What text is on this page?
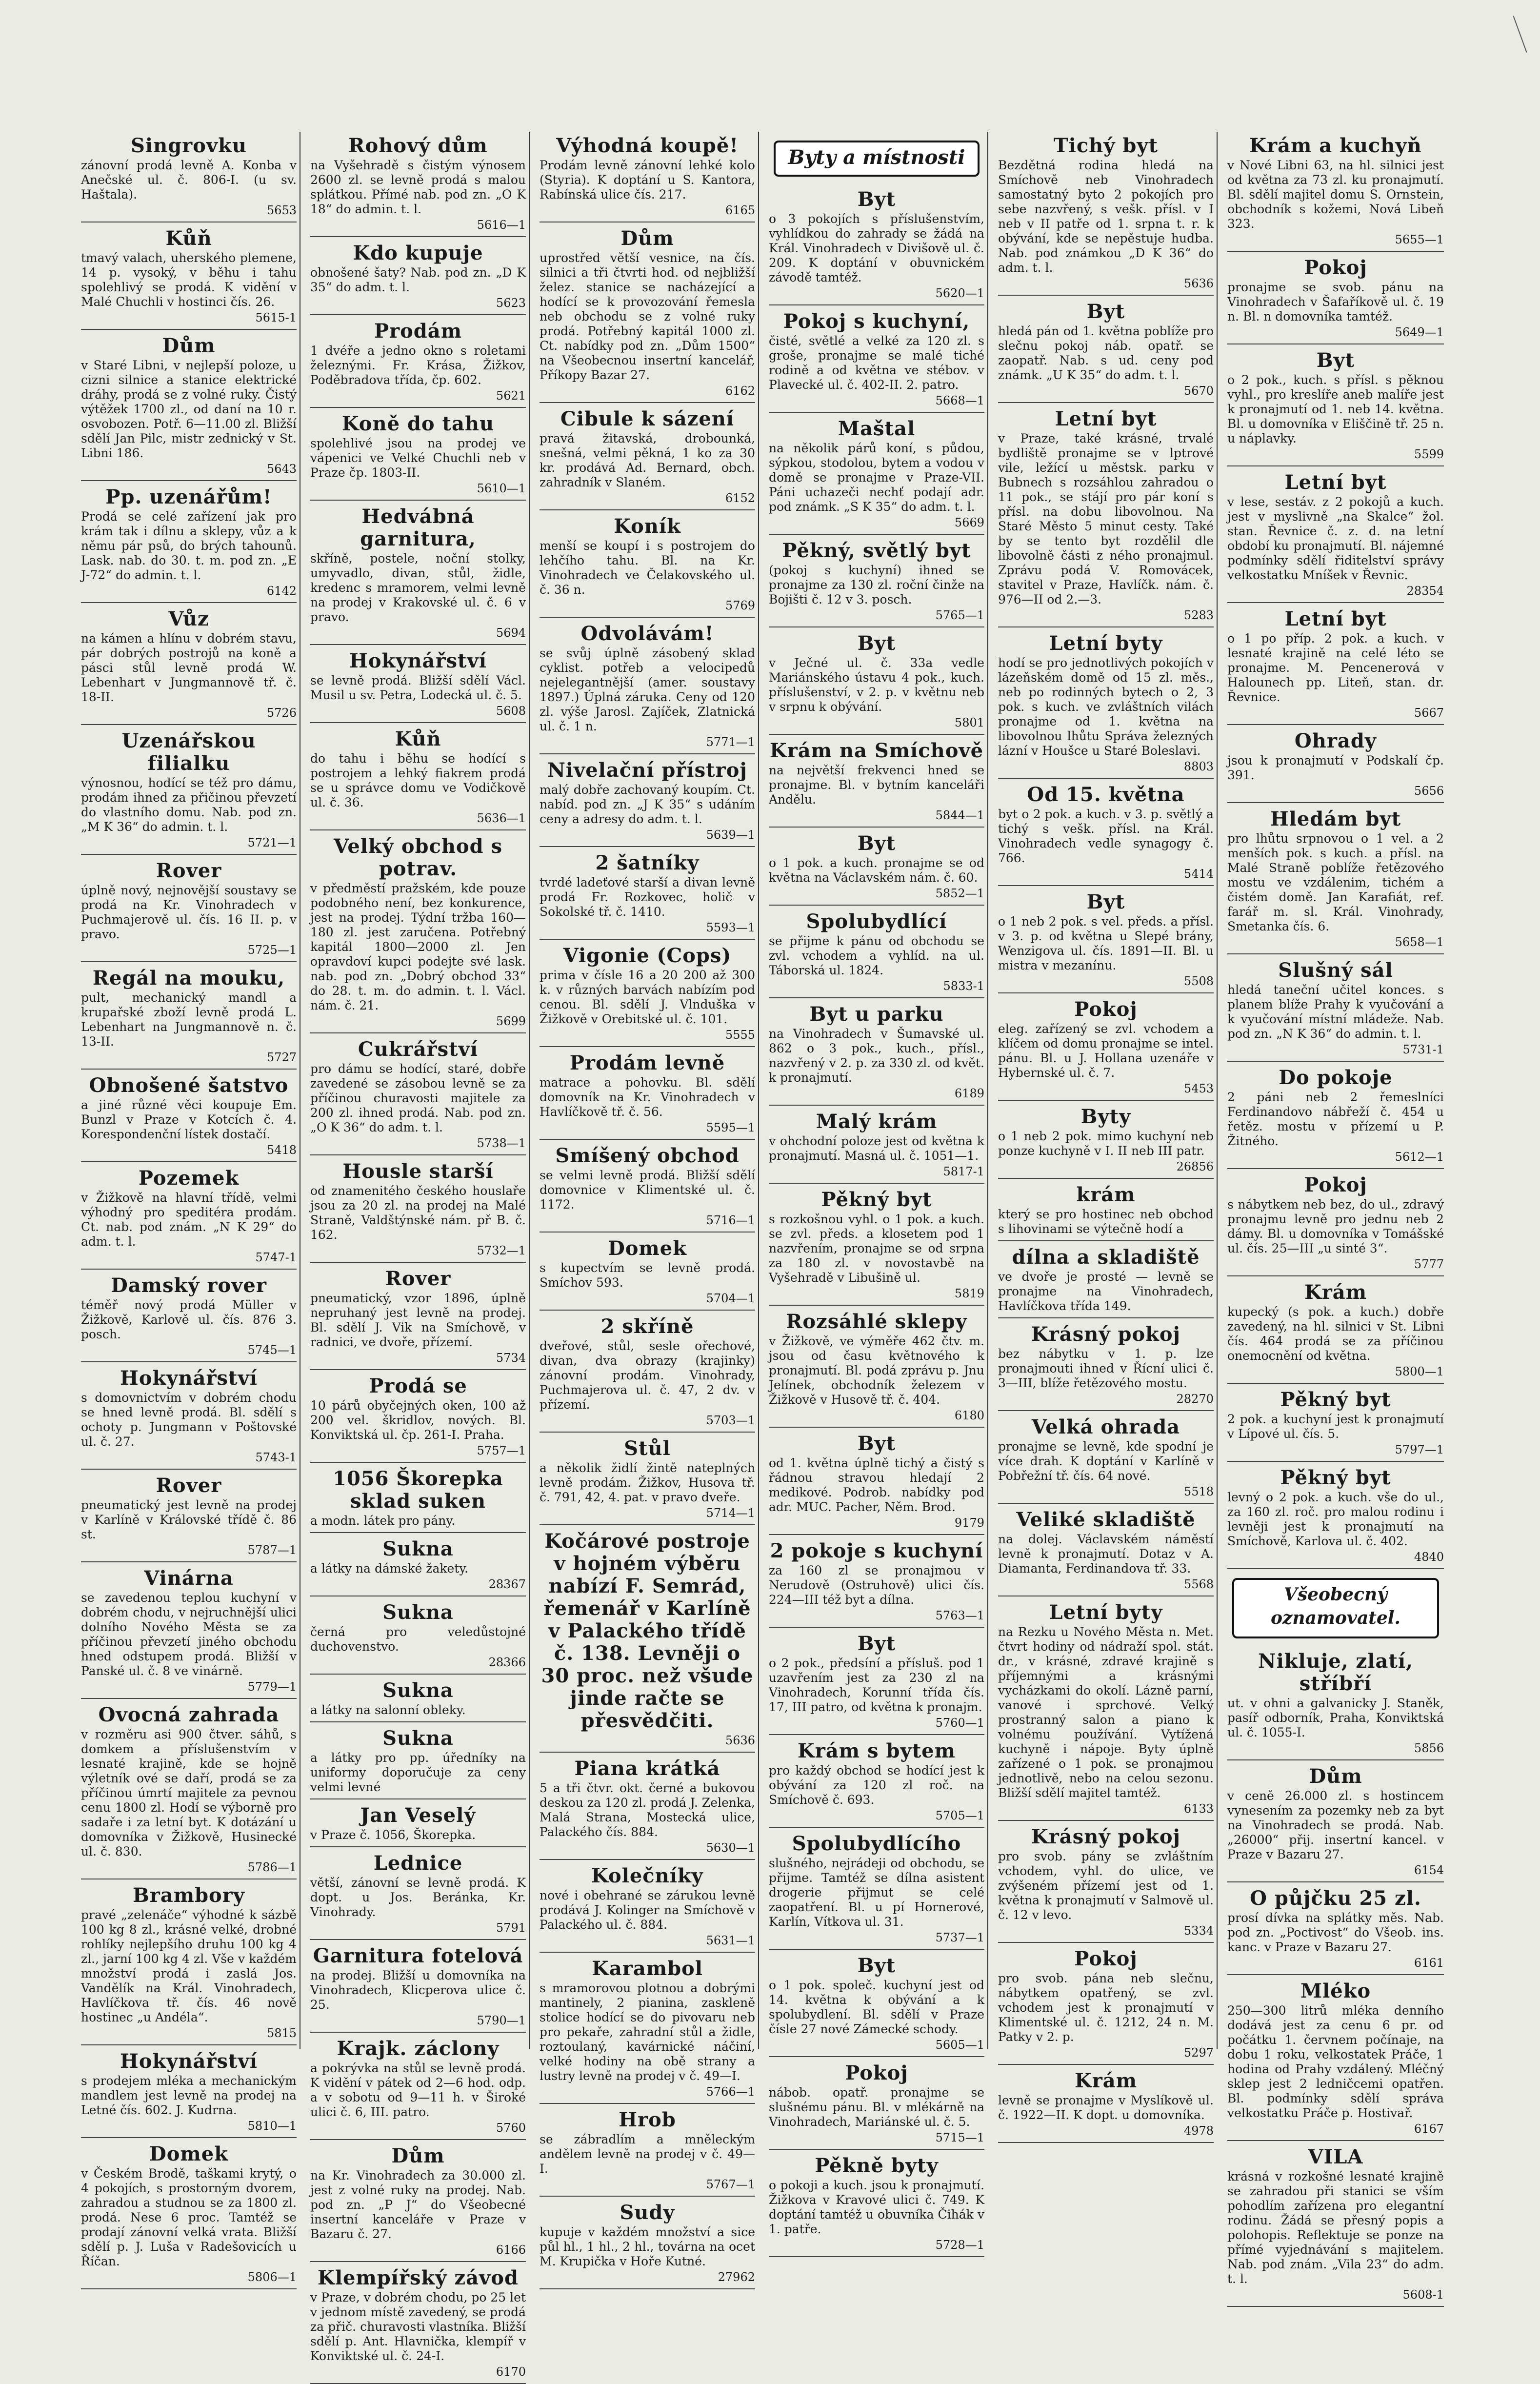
Singrovku

zánovní prodá levně A. Konba v Anečské ul. č. 806-I. (u sv. Haštala).

5653

Kůň

tmavý valach, uherského plemene, 14 p. vysoký, v běhu i tahu spolehlivý se prodá. K vidění v Malé Chuchli v hostinci čís. 26.

5615-1

Dům

v Staré Libni, v nejlepší poloze, u cizni silnice a stanice elektrické dráhy, prodá se z volné ruky. Čistý výtěžek 1700 zl., od daní na 10 r. osvobozen. Potř. 6—11.00 zl. Bližší sdělí Jan Pilc, mistr zednický v St. Libni 186.

5643

Pp. uzenářům!

Prodá se celé zařízení jak pro krám tak i dílnu a sklepy, vůz a k němu pár psů, do brých tahounů. Lask. nab. do 30. t. m. pod zn. „E J-72“ do admin. t. l.

6142

Vůz

na kámen a hlínu v dobrém stavu, pár dobrých postrojů na koně a pásci stůl levně prodá W. Lebenhart v Jungmannově tř. č. 18-II.

5726

Uzenářskou filialku

výnosnou, hodící se též pro dámu, prodám ihned za přičinou převzetí do vlastního domu. Nab. pod zn. „M K 36“ do admin. t. l.

5721—1

Rover

úplně nový, nejnovější soustavy se prodá na Kr. Vinohradech v Puchmajerově ul. čís. 16 II. p. v pravo.

5725—1

Regál na mouku,

pult, mechanický mandl a krupařské zboží levně prodá L. Lebenhart na Jungmannově n. č. 13-II.

5727

Obnošené šatstvo

a jiné různé věci koupuje Em. Bunzl v Praze v Kotcích č. 4. Korespondenční lístek dostačí.

5418

Pozemek

v Žižkově na hlavní třídě, velmi výhodný pro speditéra prodám. Ct. nab. pod znám. „N K 29“ do adm. t. l.

5747-1

Damský rover

téměř nový prodá Müller v Žižkově, Karlově ul. čís. 876 3. posch.

5745—1

Hokynářství

s domovnictvím v dobrém chodu se hned levně prodá. Bl. sdělí s ochoty p. Jungmann v Poštovské ul. č. 27.

5743-1

Rover

pneumatický jest levně na prodej v Karlíně v Královské třídě č. 86 st.

5787—1

Vinárna

se zavedenou teplou kuchyní v dobrém chodu, v nejruchnější ulici dolního Nového Města se za příčinou převzetí jiného obchodu hned odstupem prodá. Bližší v Panské ul. č. 8 ve vinárně.

5779—1

Ovocná zahrada

v rozměru asi 900 čtver. sáhů, s domkem a příslušenstvím v lesnaté krajině, kde se hojně výletník ové se daří, prodá se za příčinou úmrtí majitele za pevnou cenu 1800 zl. Hodí se výborně pro sadaře i za letní byt. K dotázání u domovníka v Žižkově, Husinecké ul. č. 830.

5786—1

Brambory

pravé „zelenáče“ výhodné k sázbě 100 kg 8 zl., krásné velké, drobné rohlíky nejlepšího druhu 100 kg 4 zl., jarní 100 kg 4 zl. Vše v každém množství prodá i zaslá Jos. Vandělík na Král. Vinohradech, Havlíčkova tř. čís. 46 nově hostinec „u Andéla“.

5815

Hokynářství

s prodejem mléka a mechanickým mandlem jest levně na prodej na Letné čís. 602. J. Kudrna.

5810—1

Domek

v Českém Brodě, taškami krytý, o 4 pokojích, s prostorným dvorem, zahradou a studnou se za 1800 zl. prodá. Nese 6 proc. Tamtéž se prodají zánovní velká vrata. Bližší sdělí p. J. Luša v Radešovicích u Říčan.

5806—1

Rohový dům

na Vyšehradě s čistým výnosem 2600 zl. se levně prodá s malou splátkou. Přímé nab. pod zn. „O K 18“ do admin. t. l.

5616—1

Kdo kupuje

obnošené šaty? Nab. pod zn. „D K 35“ do adm. t. l.

5623

Prodám

1 dvéře a jedno okno s roletami železnými. Fr. Krása, Žižkov, Poděbradova třída, čp. 602.

5621

Koně do tahu

spolehlivé jsou na prodej ve vápenici ve Velké Chuchli neb v Praze čp. 1803-II.

5610—1

Hedvábná garnitura,

skříně, postele, noční stolky, umyvadlo, divan, stůl, židle, kredenc s mramorem, velmi levně na prodej v Krakovské ul. č. 6 v pravo.

5694

Hokynářství

se levně prodá. Bližší sdělí Václ. Musil u sv. Petra, Lodecká ul. č. 5.

5608

Kůň

do tahu i běhu se hodící s postrojem a lehký fiakrem prodá se u správce domu ve Vodičkově ul. č. 36.

5636—1

Velký obchod s potrav.

v předměstí pražském, kde pouze podobného není, bez konkurence, jest na prodej. Týdní tržba 160—180 zl. jest zaručena. Potřebný kapitál 1800—2000 zl. Jen opravdoví kupci podejte své lask. nab. pod zn. „Dobrý obchod 33“ do 28. t. m. do admin. t. l. Václ. nám. č. 21.

5699

Cukrářství

pro dámu se hodící, staré, dobře zavedené se zásobou levně se za příčinou churavosti majitele za 200 zl. ihned prodá. Nab. pod zn. „O K 36“ do adm. t. l.

5738—1

Housle starší

od znamenitého českého houslaře jsou za 20 zl. na prodej na Malé Straně, Valdštýnské nám. př B. č. 162.

5732—1

Rover

pneumatický, vzor 1896, úplně nepruhaný jest levně na prodej. Bl. sdělí J. Vik na Smíchově, v radnici, ve dvoře, přízemí.

5734

Prodá se

10 párů obyčejných oken, 100 až 200 vel. škridlov, nových. Bl. Konviktská ul. čp. 261-I. Praha.

5757—1

1056 Škorepka sklad suken

a modn. látek pro pány.

Sukna

a látky na dámské žakety.

28367

Sukna

černá pro veledůstojné duchovenstvo.

28366

Sukna

a látky na salonní obleky.

Sukna

a látky pro pp. úředníky na uniformy doporučuje za ceny velmi levné

Jan Veselý

v Praze č. 1056, Škorepka.

Lednice

větší, zánovní se levně prodá. K dopt. u Jos. Beránka, Kr. Vinohrady.

5791

Garnitura fotelová

na prodej. Bližší u domovníka na Vinohradech, Klicperova ulice č. 25.

5790—1

Krajk. záclony

a pokrývka na stůl se levně prodá. K vidění v pátek od 2—6 hod. odp. a v sobotu od 9—11 h. v Široké ulici č. 6, III. patro.

5760

Dům

na Kr. Vinohradech za 30.000 zl. jest z volné ruky na prodej. Nab. pod zn. „P J“ do Všeobecné insertní kanceláře v Praze v Bazaru č. 27.

6166

Klempířský závod

v Praze, v dobrém chodu, po 25 let v jednom místě zavedený, se prodá za přič. churavosti vlastníka. Bližší sdělí p. Ant. Hlavnička, klempíř v Konviktské ul. č. 24-I.

6170

Výhodná koupě!

Prodám levně zánovní lehké kolo (Styria). K doptání u S. Kantora, Rabínská ulice čís. 217.

6165

Dům

uprostřed větší vesnice, na čís. silnici a tři čtvrti hod. od nejbližší želez. stanice se nacházející a hodící se k provozování řemesla neb obchodu se z volné ruky prodá. Potřebný kapitál 1000 zl. Ct. nabídky pod zn. „Dům 1500“ na Všeobecnou insertní kancelář, Příkopy Bazar 27.

6162

Cibule k sázení

pravá žitavská, drobounká, snešná, velmi pěkná, 1 ko za 30 kr. prodává Ad. Bernard, obch. zahradník v Slaném.

6152

Koník

menší se koupí i s postrojem do lehčího tahu. Bl. na Kr. Vinohradech ve Čelakovského ul. č. 36 n.

5769

Odvolávám!

se svůj úplně zásobený sklad cyklist. potřeb a velocipedů nejelegantnější (amer. soustavy 1897.) Úplná záruka. Ceny od 120 zl. výše Jarosl. Zajíček, Zlatnická ul. č. 1 n.

5771—1

Nivelační přístroj

malý dobře zachovaný koupím. Ct. nabíd. pod zn. „J K 35“ s udáním ceny a adresy do adm. t. l.

5639—1

2 šatníky

tvrdé ladeťové starší a divan levně prodá Fr. Rozkovec, holič v Sokolské tř. č. 1410.

5593—1

Vigonie (Cops)

prima v čísle 16 a 20 200 až 300 k. v různých barvách nabízím pod cenou. Bl. sdělí J. Vlnduška v Žižkově v Orebitské ul. č. 101.

5555

Prodám levně

matrace a pohovku. Bl. sdělí domovník na Kr. Vinohradech v Havlíčkově tř. č. 56.

5595—1

Smíšený obchod

se velmi levně prodá. Bližší sdělí domovnice v Klimentské ul. č. 1172.

5716—1

Domek

s kupectvím se levně prodá. Smíchov 593.

5704—1

2 skříně

dveřové, stůl, sesle ořechové, divan, dva obrazy (krajinky) zánovní prodám. Vinohrady, Puchmajerova ul. č. 47, 2 dv. v přízemí.

5703—1

Stůl

a několik židlí žintě nateplných levně prodám. Žižkov, Husova tř. č. 791, 42, 4. pat. v pravo dveře.

5714—1

Kočárové postroje v hojném výběru nabízí F. Semrád, řemenář v Karlíně v Palackého třídě č. 138. Levněji o 30 proc. než všude jinde račte se přesvědčiti.

5636

Piana krátká

5 a tři čtvr. okt. černé a bukovou deskou za 120 zl. prodá J. Zelenka, Malá Strana, Mostecká ulice, Palackého čís. 884.

5630—1

Kolečníky

nové i obehrané se zárukou levně prodává J. Kolinger na Smíchově v Palackého ul. č. 884.

5631—1

Karambol

s mramorovou plotnou a dobrými mantinely, 2 pianina, zaskleně stolice hodící se do pivovaru neb pro pekaře, zahradní stůl a židle, roztoulaný, kavárnické náčiní, velké hodiny na obě strany a lustry levně na prodej v č. 49—I.

5766—1

Hrob

se zábradlím a mněleckým andělem levně na prodej v č. 49—I.

5767—1

Sudy

kupuje v každém množství a sice půl hl., 1 hl., 2 hl., továrna na ocet M. Krupička v Hoře Kutné.

27962

Byty a místnosti
Byt

o 3 pokojích s příslušenstvím, vyhlídkou do zahrady se žádá na Král. Vinohradech v Divišově ul. č. 209. K doptání v obuvnickém závodě tamtéž.

5620—1

Pokoj s kuchyní,

čisté, světlé a velké za 120 zl. s groše, pronajme se malé tiché rodině a od května ve stébov. v Plavecké ul. č. 402-II. 2. patro.

5668—1

Maštal

na několik párů koní, s půdou, sýpkou, stodolou, bytem a vodou v domě se pronajme v Praze-VII. Páni uchazeči nechť podají adr. pod známk. „S K 35“ do adm. t. l.

5669

Pěkný, světlý byt

(pokoj s kuchyní) ihned se pronajme za 130 zl. roční činže na Bojišti č. 12 v 3. posch.

5765—1

Byt

v Ječné ul. č. 33a vedle Mariánského ústavu 4 pok., kuch. příslušenství, v 2. p. v květnu neb v srpnu k obývání.

5801

Krám na Smíchově

na největší frekvenci hned se pronajme. Bl. v bytním kanceláři Andělu.

5844—1

Byt

o 1 pok. a kuch. pronajme se od května na Václavském nám. č. 60.

5852—1

Spolubydlící

se přijme k pánu od obchodu se zvl. vchodem a vyhlíd. na ul. Táborská ul. 1824.

5833-1

Byt u parku

na Vinohradech v Šumavské ul. 862 o 3 pok., kuch., přísl., nazvřený v 2. p. za 330 zl. od květ. k pronajmutí.

6189

Malý krám

v ohchodní poloze jest od května k pronajmutí. Masná ul. č. 1051—1.

5817-1

Pěkný byt

s rozkošnou vyhl. o 1 pok. a kuch. se zvl. předs. a klosetem pod 1 nazvřením, pronajme se od srpna za 180 zl. v novostavbě na Vyšehradě v Libušině ul.

5819

Rozsáhlé sklepy

v Žižkově, ve výměře 462 čtv. m. jsou od času květnového k pronajmutí. Bl. podá zprávu p. Jnu Jelínek, obchodník železem v Žižkově v Husově tř. č. 404.

6180

Byt

od 1. května úplně tichý a čistý s řádnou stravou hledají 2 medikové. Podrob. nabídky pod adr. MUC. Pacher, Něm. Brod.

9179

2 pokoje s kuchyní

za 160 zl se pronajmou v Nerudově (Ostruhově) ulici čís. 224—III též byt a dílna.

5763—1

Byt

o 2 pok., předsíní a přísluš. pod 1 uzavřením jest za 230 zl na Vinohradech, Korunní třída čís. 17, III patro, od května k pronajm.

5760—1

Krám s bytem

pro každý obchod se hodící jest k obývání za 120 zl roč. na Smíchově č. 693.

5705—1

Spolubydlícího

slušného, nejrádeji od obchodu, se přijme. Tamtéž se dílna asistent drogerie přijmut se celé zaopatření. Bl. u pí Hornerové, Karlín, Vítkova ul. 31.

5737—1

Byt

o 1 pok. společ. kuchyní jest od 14. května k obývání a k spolubydlení. Bl. sdělí v Praze čísle 27 nové Zámecké schody.

5605—1

Pokoj

nábob. opatř. pronajme se slušnému pánu. Bl. v mlékárně na Vinohradech, Mariánské ul. č. 5.

5715—1

Pěkně byty

o pokoji a kuch. jsou k pronajmutí. Žižkova v Kravové ulici č. 749. K doptání tamtéž u obuvníka Čihák v 1. patře.

5728—1

Tichý byt

Bezdětná rodina hledá na Smíchově neb Vinohradech samostatný byto 2 pokojích pro sebe nazvřený, s vešk. přísl. v I neb v II patře od 1. srpna t. r. k obývání, kde se nepěstuje hudba. Nab. pod známkou „D K 36“ do adm. t. l.

5636

Byt

hledá pán od 1. května poblíže pro slečnu pokoj náb. opatř. se zaopatř. Nab. s ud. ceny pod známk. „U K 35“ do adm. t. l.

5670

Letní byt

v Praze, také krásné, trvalé bydliště pronajme se v lptrové vile, ležící u městsk. parku v Bubnech s rozsáhlou zahradou o 11 pok., se stájí pro pár koní s přísl. na dobu libovolnou. Na Staré Město 5 minut cesty. Také by se tento byt rozdělil dle libovolně části z ného pronajmul. Zprávu podá V. Romovácek, stavitel v Praze, Havlíčk. nám. č. 976—II od 2.—3.

5283

Letní byty

hodí se pro jednotlivých pokojích v lázeňském domě od 15 zl. měs., neb po rodinných bytech o 2, 3 pok. s kuch. ve zvláštních vilách pronajme od 1. května na libovolnou lhůtu Správa železných lázní v Houšce u Staré Boleslavi.

8803

Od 15. května

byt o 2 pok. a kuch. v 3. p. světlý a tichý s vešk. přísl. na Král. Vinohradech vedle synagogy č. 766.

5414

Byt

o 1 neb 2 pok. s vel. předs. a přísl. v 3. p. od května u Slepé brány, Wenzigova ul. čís. 1891—II. Bl. u mistra v mezanínu.

5508

Pokoj

eleg. zařízený se zvl. vchodem a klíčem od domu pronajme se intel. pánu. Bl. u J. Hollana uzenáře v Hybernské ul. č. 7.

5453

Byty

o 1 neb 2 pok. mimo kuchyní neb ponze kuchyně v I. II neb III patr.

26856

krám

který se pro hostinec neb obchod s lihovinami se výtečně hodí a

dílna a skladiště

ve dvoře je prosté — levně se pronajme na Vinohradech, Havlíčkova třída 149.

Krásný pokoj

bez nábytku v 1. p. lze pronajmouti ihned v Řícní ulici č. 3—III, blíže řetězového mostu.

28270

Velká ohrada

pronajme se levně, kde spodní je více drah. K doptání v Karlíně v Pobřežní tř. čís. 64 nové.

5518

Veliké skladiště

na dolej. Václavském náměstí levně k pronajmutí. Dotaz v A. Diamanta, Ferdinandova tř. 33.

5568

Letní byty

na Rezku u Nového Města n. Met. čtvrt hodiny od nádraží spol. stát. dr., v krásné, zdravé krajině s příjemnými a krásnými vycházkami do okolí. Lázně parní, vanové i sprchové. Velký prostranný salon a piano k volnému používání. Vytížená kuchyně i nápoje. Byty úplně zařízené o 1 pok. se pronajmou jednotlivě, nebo na celou sezonu. Bližší sdělí majitel tamtéž.

6133

Krásný pokoj

pro svob. pány se zvláštním vchodem, vyhl. do ulice, ve zvýšeném přízemí jest od 1. května k pronajmutí v Salmově ul. č. 12 v levo.

5334

Pokoj

pro svob. pána neb slečnu, nábytkem opatřený, se zvl. vchodem jest k pronajmutí v Klimentské ul. č. 1212, 24 n. M. Patky v 2. p.

5297

Krám

levně se pronajme v Myslíkově ul. č. 1922—II. K dopt. u domovníka.

4978

Krám a kuchyň

v Nové Libni 63, na hl. silnici jest od května za 73 zl. ku pronajmutí. Bl. sdělí majitel domu S. Ornstein, obchodník s kožemi, Nová Libeň 323.

5655—1

Pokoj

pronajme se svob. pánu na Vinohradech v Šafaříkově ul. č. 19 n. Bl. n domovníka tamtéž.

5649—1

Byt

o 2 pok., kuch. s přísl. s pěknou vyhl., pro kreslíře aneb malíře jest k pronajmutí od 1. neb 14. května. Bl. u domovníka v Eliščině tř. 25 n. u náplavky.

5599

Letní byt

v lese, sestáv. z 2 pokojů a kuch. jest v myslivně „na Skalce“ žol. stan. Řevnice č. z. d. na letní období ku pronajmutí. Bl. nájemné podmínky sdělí řiditelství správy velkostatku Mníšek v Řevnic.

28354

Letní byt

o 1 po příp. 2 pok. a kuch. v lesnaté krajině na celé léto se pronajme. M. Pencenerová v Halounech pp. Liteň, stan. dr. Řevnice.

5667

Ohrady

jsou k pronajmutí v Podskalí čp. 391.

5656

Hledám byt

pro lhůtu srpnovou o 1 vel. a 2 menších pok. s kuch. a přísl. na Malé Straně poblíže řetězového mostu ve vzdálenim, tichém a čistém domě. Jan Karafiát, ref. farář m. sl. Král. Vinohrady, Smetanka čís. 6.

5658—1

Slušný sál

hledá taneční učitel konces. s planem blíže Prahy k vyučování a k vyučování místní mládeže. Nab. pod zn. „N K 36“ do admin. t. l.

5731-1

Do pokoje

2 páni neb 2 řemeslníci Ferdinandovo nábřeží č. 454 u řetěz. mostu v přízemí u P. Žitného.

5612—1

Pokoj

s nábytkem neb bez, do ul., zdravý pronajmu levně pro jednu neb 2 dámy. Bl. u domovníka v Tomášské ul. čís. 25—III „u sinté 3“.

5777

Krám

kupecký (s pok. a kuch.) dobře zavedený, na hl. silnici v St. Libni čís. 464 prodá se za příčinou onemocnění od května.

5800—1

Pěkný byt

2 pok. a kuchyní jest k pronajmutí v Lípové ul. čís. 5.

5797—1

Pěkný byt

levný o 2 pok. a kuch. vše do ul., za 160 zl. roč. pro malou rodinu i levněji jest k pronajmutí na Smíchově, Karlova ul. č. 402.

4840

Všeobecný oznamovatel.
Nikluje, zlatí, stříbří

ut. v ohni a galvanicky J. Staněk, pasíř odborník, Praha, Konviktská ul. č. 1055-I.

5856

Dům

v ceně 26.000 zl. s hostincem vynesením za pozemky neb za byt na Vinohradech se prodá. Nab. „26000“ přij. insertní kancel. v Praze v Bazaru 27.

6154

O půjčku 25 zl.

prosí dívka na splátky měs. Nab. pod zn. „Poctivost“ do Všeob. ins. kanc. v Praze v Bazaru 27.

6161

Mléko

250—300 litrů mléka denního dodává jest za cenu 6 pr. od počátku 1. červnem počínaje, na dobu 1 roku, velkostatek Práče, 1 hodina od Prahy vzdálený. Mléčný sklep jest 2 ledničcemi opatřen. Bl. podmínky sdělí správa velkostatku Práče p. Hostivař.

6167

VILA

krásná v rozkošné lesnaté krajině se zahradou při stanici se vším pohodlím zařízena pro elegantní rodinu. Žádá se přesný popis a polohopis. Reflektuje se ponze na přímé vyjednávání s majitelem. Nab. pod znám. „Vila 23“ do adm. t. l.

5608-1
